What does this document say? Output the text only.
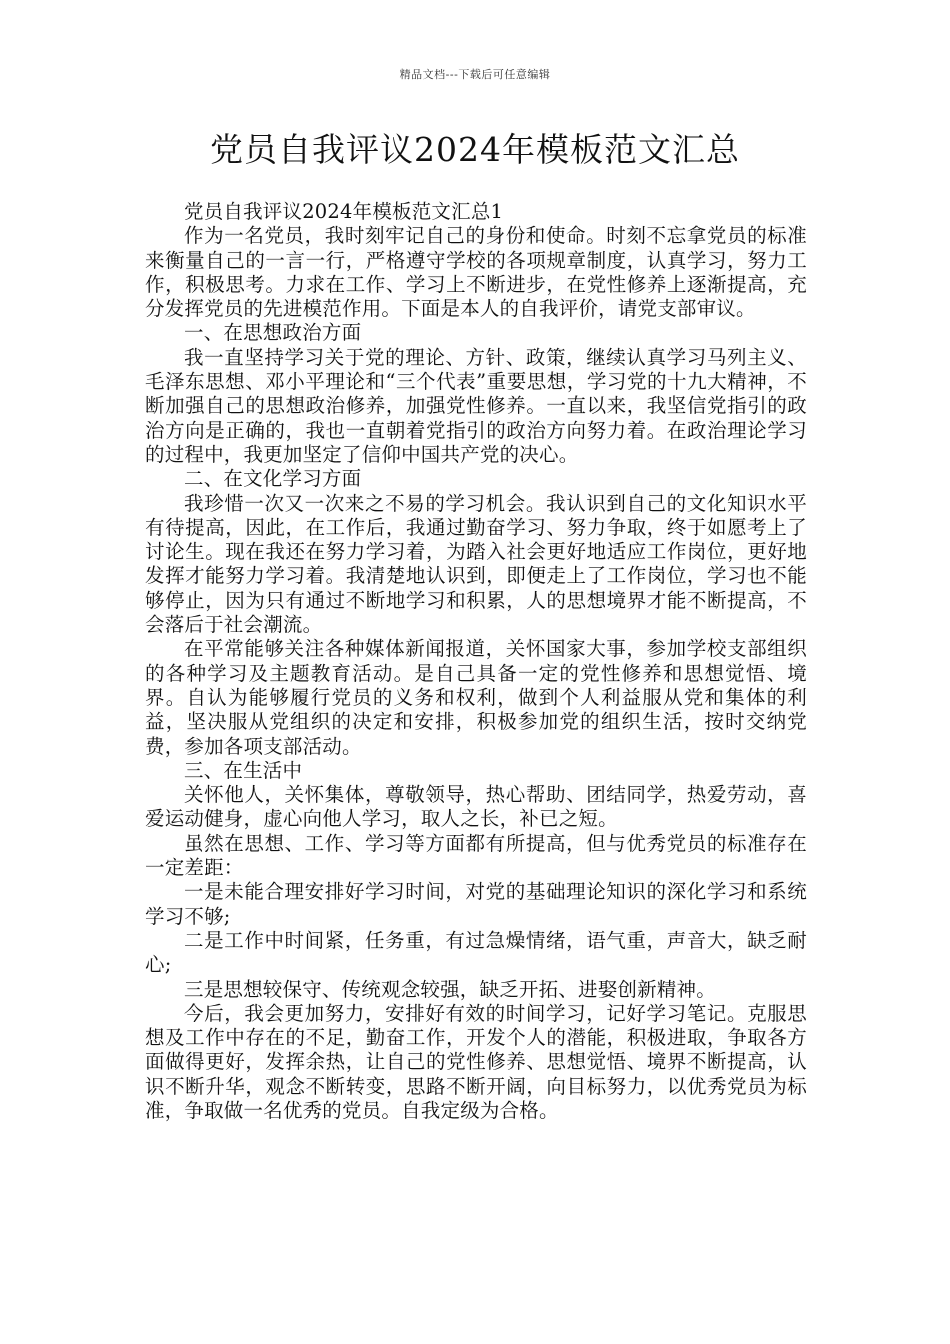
精品文档---下载后可任意编辑
党员自我评议2024年模板范文汇总

党员自我评议2024年模板范文汇总1

作为一名党员，我时刻牢记自己的身份和使命。时刻不忘拿党员的标准来衡量自己的一言一行，严格遵守学校的各项规章制度，认真学习，努力工作，积极思考。力求在工作、学习上不断进步，在党性修养上逐渐提高，充分发挥党员的先进模范作用。下面是本人的自我评价，请党支部审议。

一、在思想政治方面

我一直坚持学习关于党的理论、方针、政策，继续认真学习马列主义、毛泽东思想、邓小平理论和“三个代表”重要思想，学习党的十九大精神，不断加强自己的思想政治修养，加强党性修养。一直以来，我坚信党指引的政治方向是正确的，我也一直朝着党指引的政治方向努力着。在政治理论学习的过程中，我更加坚定了信仰中国共产党的决心。

二、在文化学习方面

我珍惜一次又一次来之不易的学习机会。我认识到自己的文化知识水平有待提高，因此，在工作后，我通过勤奋学习、努力争取，终于如愿考上了讨论生。现在我还在努力学习着，为踏入社会更好地适应工作岗位，更好地发挥才能努力学习着。我清楚地认识到，即便走上了工作岗位，学习也不能够停止，因为只有通过不断地学习和积累，人的思想境界才能不断提高，不会落后于社会潮流。

在平常能够关注各种媒体新闻报道，关怀国家大事，参加学校支部组织的各种学习及主题教育活动。是自己具备一定的党性修养和思想觉悟、境界。自认为能够履行党员的义务和权利，做到个人利益服从党和集体的利益，坚决服从党组织的决定和安排，积极参加党的组织生活，按时交纳党费，参加各项支部活动。

三、在生活中

关怀他人，关怀集体，尊敬领导，热心帮助、团结同学，热爱劳动，喜爱运动健身，虚心向他人学习，取人之长，补已之短。

虽然在思想、工作、学习等方面都有所提高，但与优秀党员的标准存在一定差距：

一是未能合理安排好学习时间，对党的基础理论知识的深化学习和系统学习不够;

二是工作中时间紧，任务重，有过急燥情绪，语气重，声音大，缺乏耐心;

三是思想较保守、传统观念较强，缺乏开拓、进娶创新精神。

今后，我会更加努力，安排好有效的时间学习，记好学习笔记。克服思想及工作中存在的不足，勤奋工作，开发个人的潜能，积极进取，争取各方面做得更好，发挥余热，让自己的党性修养、思想觉悟、境界不断提高，认识不断升华，观念不断转变，思路不断开阔，向目标努力，以优秀党员为标准，争取做一名优秀的党员。自我定级为合格。
